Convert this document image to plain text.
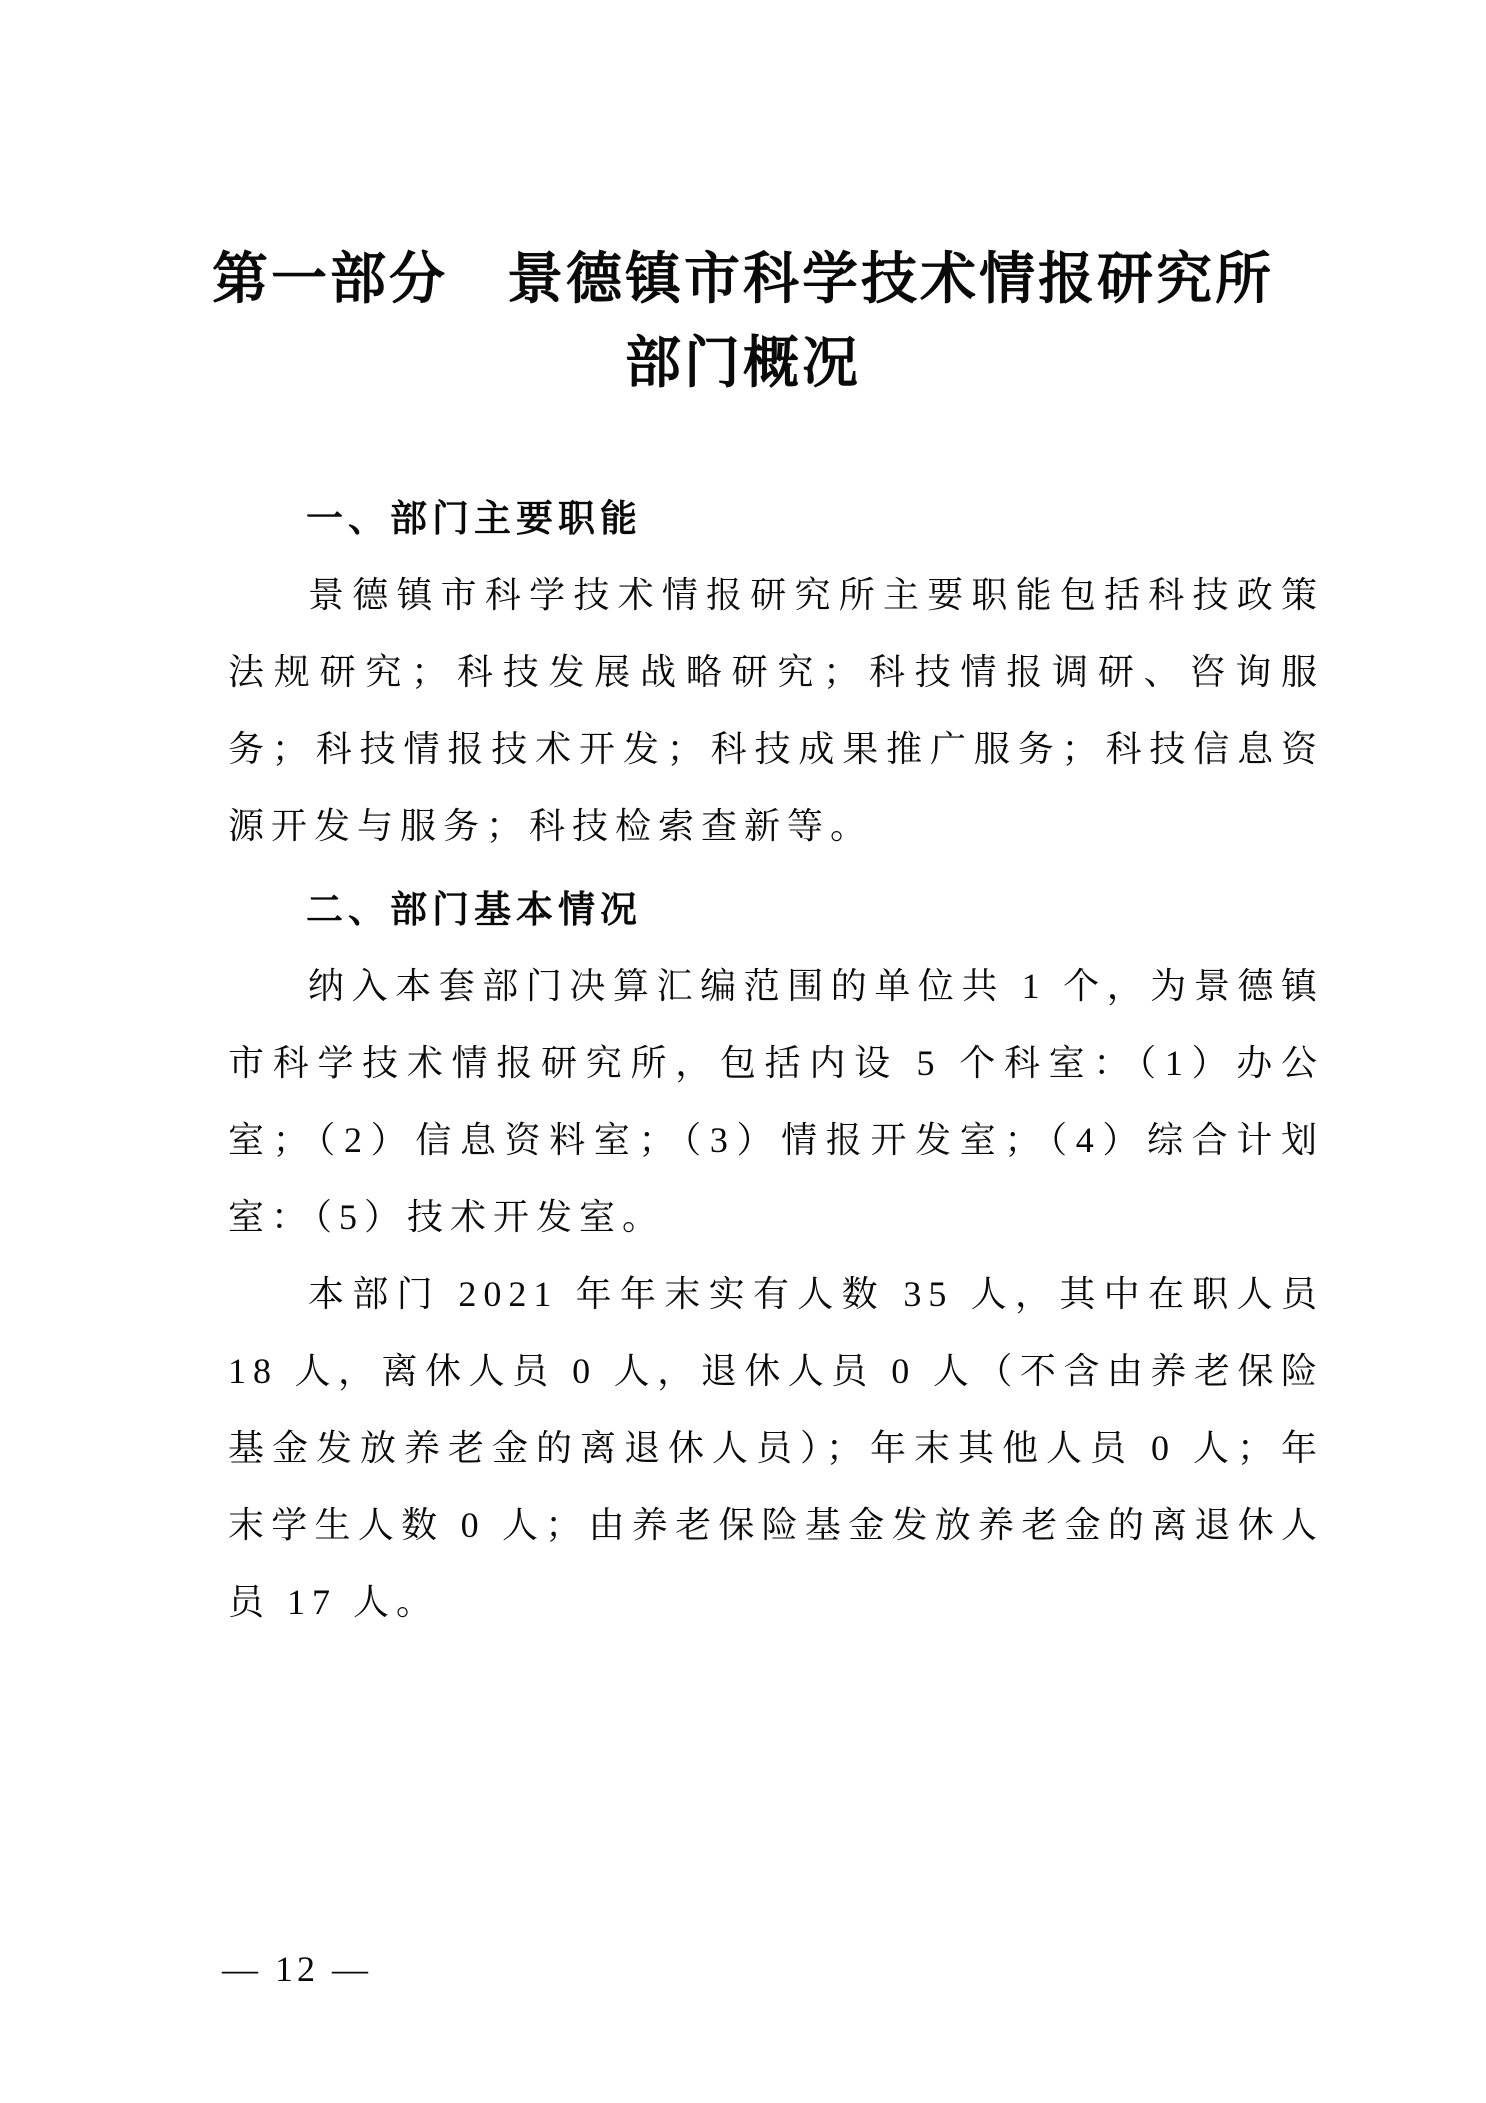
第一部分　景德镇市科学技术情报研究所
部门概况
一、部门主要职能

景德镇市科学技术情报研究所主要职能包括科技政策法规研究；科技发展战略研究；科技情报调研、咨询服务；科技情报技术开发；科技成果推广服务；科技信息资源开发与服务；科技检索查新等。

二、部门基本情况

纳入本套部门决算汇编范围的单位共 1 个，为景德镇市科学技术情报研究所，包括内设 5 个科室：（1）办公室；（2）信息资料室；（3）情报开发室；（4）综合计划室：（5）技术开发室。

本部门 2021 年年末实有人数 35 人，其中在职人员 18 人，离休人员 0 人，退休人员 0 人（不含由养老保险基金发放养老金的离退休人员）；年末其他人员 0 人；年末学生人数 0 人；由养老保险基金发放养老金的离退休人员 17 人。

— 12 —
